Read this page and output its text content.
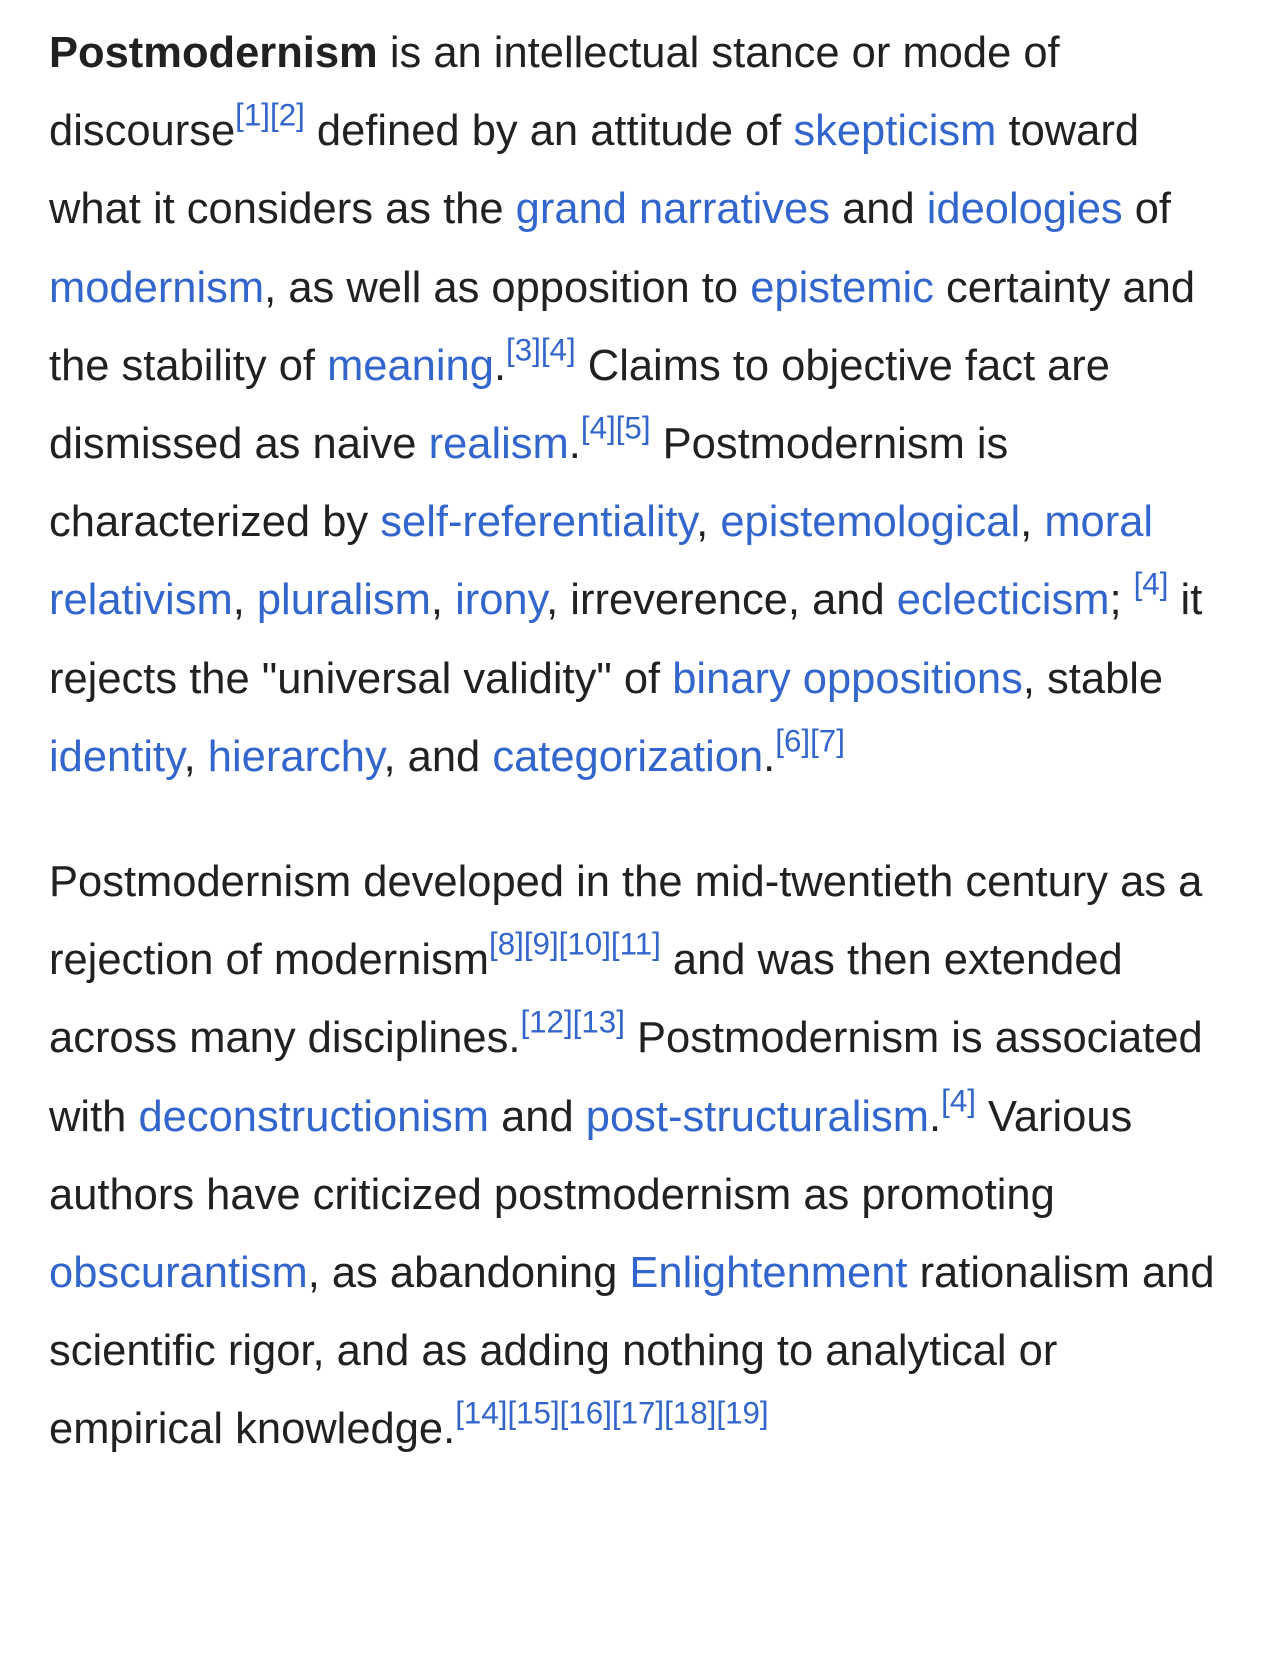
Postmodernism is an intellectual stance or mode of discourse[1][2] defined by an attitude of skepticism toward what it considers as the grand narratives and ideologies of modernism, as well as opposition to epistemic certainty and the stability of meaning.[3][4] Claims to objective fact are dismissed as naive realism.[4][5] Postmodernism is characterized by self-referentiality, epistemological, moral relativism, pluralism, irony, irreverence, and eclecticism; [4] it rejects the "universal validity" of binary oppositions, stable identity, hierarchy, and categorization.[6][7]

Postmodernism developed in the mid-twentieth century as a rejection of modernism[8][9][10][11] and was then extended across many disciplines.[12][13] Postmodernism is associated with deconstructionism and post-structuralism.[4] Various authors have criticized postmodernism as promoting obscurantism, as abandoning Enlightenment rationalism and scientific rigor, and as adding nothing to analytical or empirical knowledge.[14][15][16][17][18][19]
